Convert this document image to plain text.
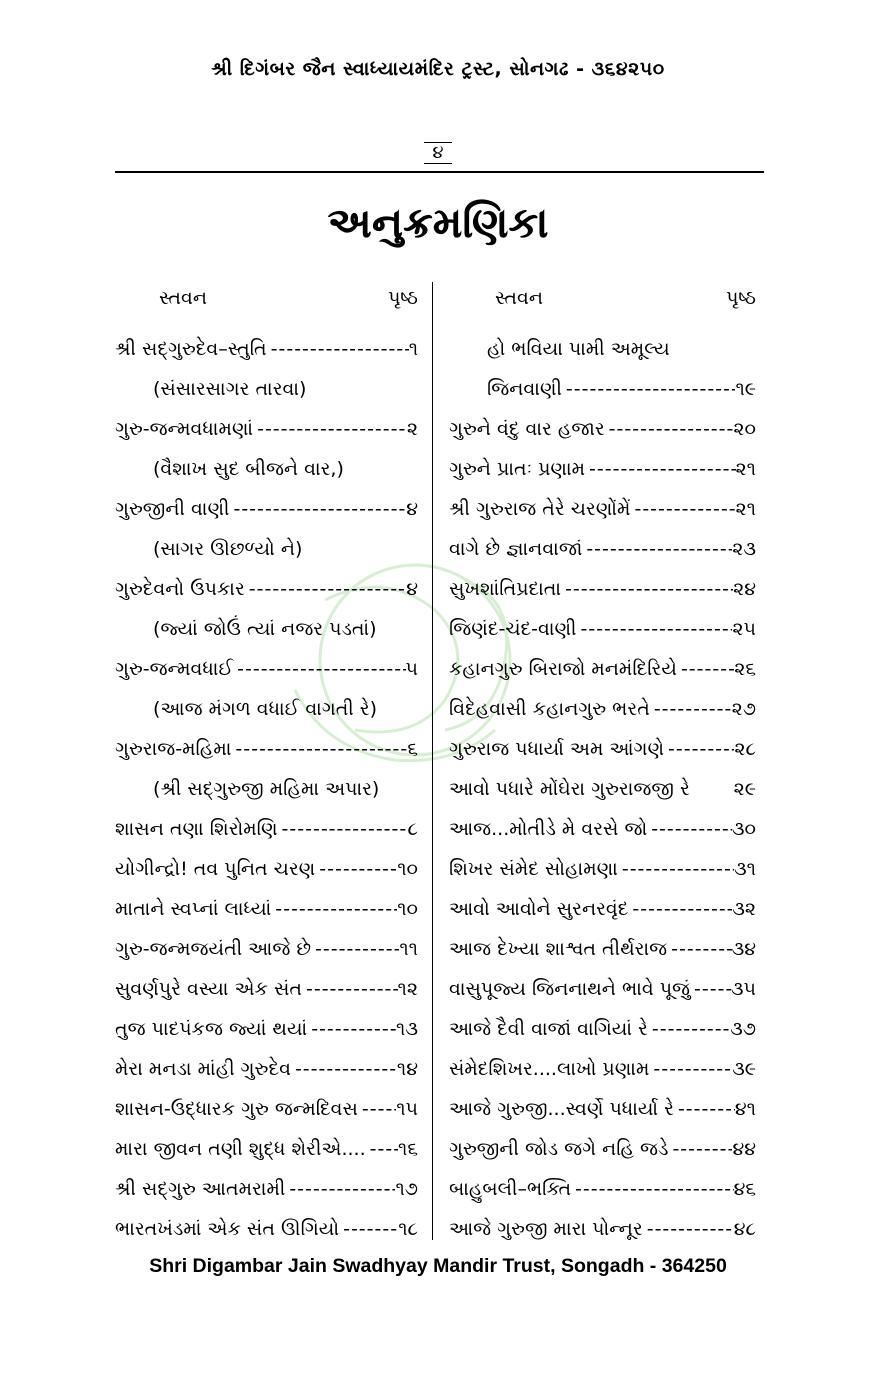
શ્રી દિગંબર જૈન સ્વાધ્યાયમંદિર ટ્રસ્ટ, સોનગઢ - ૩૬૪૨૫૦
૪
અનુક્રમણિકા
સ્તવન	પૃષ્ઠ
શ્રી સદ્‌ગુરુદેવ–સ્તુતિ -----	૧
(સંસારસાગર તારવા)
ગુરુ-જન્મવધામણાં -----	૨
(વૈશાખ સુદ બીજને વાર,)
ગુરુજીની વાણી -----	૪
(સાગર ઊછળ્યો ને)
ગુરુદેવનો ઉપકાર -----	૪
(જ્યાં જોઉં ત્યાં નજર પડતાં)
ગુરુ-જન્મવધાઈ -----	૫
(આજ મંગળ વધાઈ વાગતી રે)
ગુરુરાજ-મહિમા -----	૬
(શ્રી સદ્‌ગુરુજી મહિમા અપાર)
શાસન તણા શિરોમણિ -----	૮
યોગીન્દ્રો! તવ પુનિત ચરણ -----	૧૦
માતાને સ્વપ્નાં લાધ્યાં -----	૧૦
ગુરુ-જન્મજયંતી આજે છે -----	૧૧
સુવર્ણપુરે વસ્યા એક સંત -----	૧૨
તુજ પાદપંકજ જ્યાં થયાં -----	૧૩
મેરા મનડા માંહી ગુરુદેવ -----	૧૪
શાસન-ઉદ્ધારક ગુરુ જન્મદિવસ ----- ૧૫
મારા જીવન તણી શુદ્ધ શેરીએ.... ----- ૧૬
શ્રી સદ્‌ગુરુ આતમરામી -----	૧૭
ભારતખંડમાં એક સંત ઊગિયો -----	૧૮
સ્તવન	પૃષ્ઠ
હો ભવિયા પામી અમૂલ્ય
જિનવાણી -----	૧૯
ગુરુને વંદુ વાર હજાર -----	૨૦
ગુરુને પ્રાતઃ પ્રણામ -----	૨૧
શ્રી ગુરુરાજ તેરે ચરણોંમેં -----	૨૧
વાગે છે જ્ઞાનવાજાં -----	૨૩
સુખશાંતિપ્રદાતા -----	૨૪
જિણંદ-ચંદ-વાણી -----	૨૫
કહાનગુરુ બિરાજો મનમંદિરિયે -----	૨૬
વિદેહવાસી કહાનગુરુ ભરતે -----	૨૭
ગુરુરાજ પધાર્યા અમ આંગણે -----	૨૮
આવો પધારે મોંઘેરા ગુરુરાજજી રે ૨૯
આજ...મોતીડે મે વરસે જો -----	૩૦
શિખર સંમેદ સોહામણા -----	૩૧
આવો આવોને સુરનરવૃંદ -----	૩૨
આજ દેખ્યા શાશ્વત તીર્થરાજ -----	૩૪
વાસુપૂજ્ય જિનનાથને ભાવે પૂજું ----- ૩૫
આજે દૈવી વાજાં વાગિયાં રે -----	૩૭
સંમેદશિખર....લાખો પ્રણામ -----	૩૯
આજે ગુરુજી...સ્વર્ણે પધાર્યા રે -----	૪૧
ગુરુજીની જોડ જગે નહિ જડે -----	૪૪
બાહુબલી–ભક્તિ -----	૪૬
આજે ગુરુજી મારા પોન્નૂર -----	૪૮
Shri Digambar Jain Swadhyay Mandir Trust, Songadh - 364250
